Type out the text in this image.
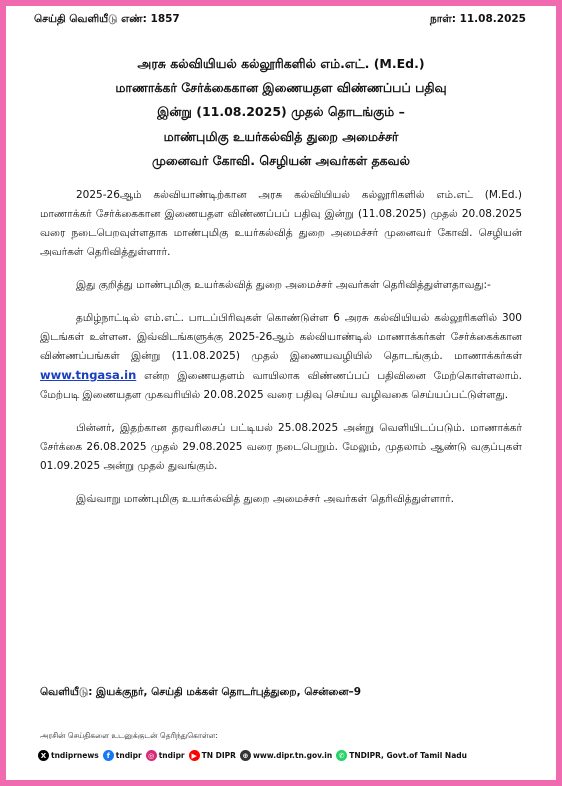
செய்தி வெளியீடு எண்: 1857	நாள்: 11.08.2025
அரசு கல்வியியல் கல்லூரிகளில் எம்.எட். (M.Ed.)
மாணாக்கர் சேர்க்கைகான இணையதள விண்ணப்பப் பதிவு
இன்று (11.08.2025) முதல் தொடங்கும் –
மாண்புமிகு உயர்கல்வித் துறை அமைச்சர்
முனைவர் கோவி. செழியன் அவர்கள் தகவல்

2025-26ஆம் கல்வியாண்டிற்கான அரசு கல்வியியல் கல்லூரிகளில் எம்.எட் (M.Ed.) மாணாக்கர் சேர்க்கைகான இணையதள விண்ணப்பப் பதிவு இன்று (11.08.2025) முதல் 20.08.2025 வரை நடைபெறவுள்ளதாக மாண்புமிகு உயர்கல்வித் துறை அமைச்சர் முனைவர் கோவி. செழியன் அவர்கள் தெரிவித்துள்ளார்.

இது குறித்து மாண்புமிகு உயர்கல்வித் துறை அமைச்சர் அவர்கள் தெரிவித்துள்ளதாவது:-

தமிழ்நாட்டில் எம்.எட். பாடப்பிரிவுகள் கொண்டுள்ள 6 அரசு கல்வியியல் கல்லூரிகளில் 300 இடங்கள் உள்ளன. இவ்விடங்களுக்கு 2025-26ஆம் கல்வியாண்டில் மாணாக்கர்கள் சேர்க்கைக்கான விண்ணப்பங்கள் இன்று (11.08.2025) முதல் இணையவழியில் தொடங்கும். மாணாக்கர்கள் www.tngasa.in என்ற இணையதளம் வாயிலாக விண்ணப்பப் பதிவினை மேற்கொள்ளலாம். மேற்படி இணையதள முகவரியில் 20.08.2025 வரை பதிவு செய்ய வழிவகை செய்யப்பட்டுள்ளது.

பின்னர், இதற்கான தரவரிசைப் பட்டியல் 25.08.2025 அன்று வெளியிடப்படும். மாணாக்கர் சேர்க்கை 26.08.2025 முதல் 29.08.2025 வரை நடைபெறும். மேலும், முதலாம் ஆண்டு வகுப்புகள் 01.09.2025 அன்று முதல் துவங்கும்.

இவ்வாறு மாண்புமிகு உயர்கல்வித் துறை அமைச்சர் அவர்கள் தெரிவித்துள்ளார்.

வெளியீடு: இயக்குநர், செய்தி மக்கள் தொடர்புத்துறை, சென்னை–9
அரசின் செய்திகளை உடனுக்குடன் தெரிந்துகொள்ள:
X tndiprnews	f tndipr ◎ tndipr ▶ TN DIPR ⊕ www.dipr.tn.gov.in ✆ TNDIPR, Govt.of Tamil Nadu
